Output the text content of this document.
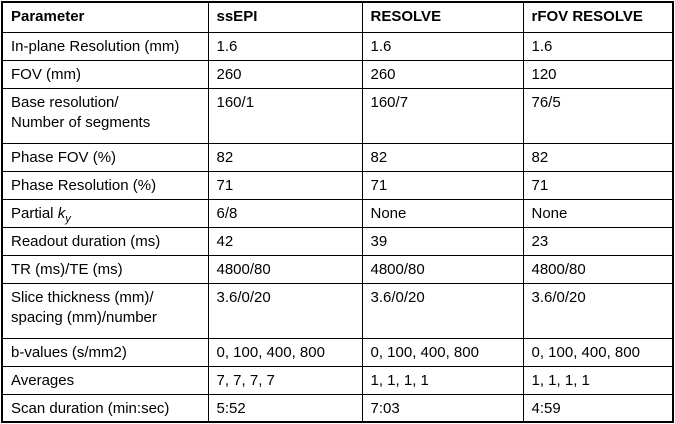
Parameter	ssEPI	RESOLVE	rFOV RESOLVE
In-plane Resolution (mm)	1.6	1.6	1.6
FOV (mm)	260	260	120

Base resolution/
Number of segments	160/1	160/7	76/5
Phase FOV (%)	82	82	82
Phase Resolution (%)	71	71	71
Partial $k_y$	6/8	None	None
Readout duration (ms)	42	39	23
TR (ms)/TE (ms)	4800/80	4800/80	4800/80

Slice thickness (mm)/
spacing (mm)/number	3.6/0/20	3.6/0/20	3.6/0/20
b-values (s/mm2)	0, 100, 400, 800	0, 100, 400, 800	0, 100, 400, 800
Averages	7, 7, 7, 7	1, 1, 1, 1	1, 1, 1, 1
Scan duration (min:sec)	5:52	7:03	4:59
